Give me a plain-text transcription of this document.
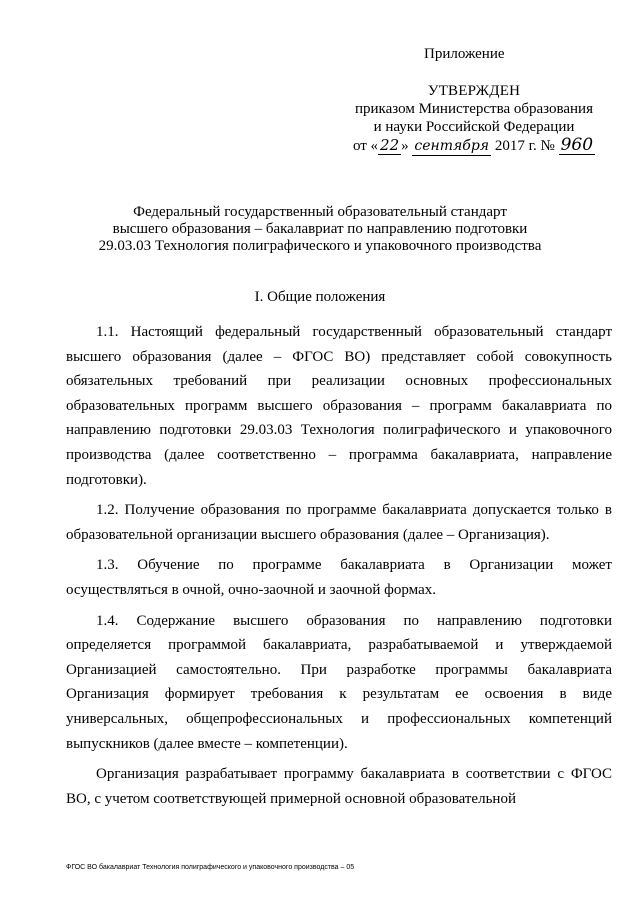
Приложение
УТВЕРЖДЕН
приказом Министерства образования
и науки Российской Федерации
от « 22 » сентября 2017 г. № 960
Федеральный государственный образовательный стандарт
высшего образования – бакалавриат по направлению подготовки
29.03.03 Технология полиграфического и упаковочного производства
I. Общие положения

1.1. Настоящий федеральный государственный образовательный стандарт высшего образования (далее – ФГОС ВО) представляет собой совокупность обязательных требований при реализации основных профессиональных образовательных программ высшего образования – программ бакалавриата по направлению подготовки 29.03.03 Технология полиграфического и упаковочного производства (далее соответственно – программа бакалавриата, направление подготовки).

1.2. Получение образования по программе бакалавриата допускается только в образовательной организации высшего образования (далее – Организация).

1.3. Обучение по программе бакалавриата в Организации может осуществляться в очной, очно-заочной и заочной формах.

1.4. Содержание высшего образования по направлению подготовки определяется программой бакалавриата, разрабатываемой и утверждаемой Организацией самостоятельно. При разработке программы бакалавриата Организация формирует требования к результатам ее освоения в виде универсальных, общепрофессиональных и профессиональных компетенций выпускников (далее вместе – компетенции).

Организация разрабатывает программу бакалавриата в соответствии с ФГОС ВО, с учетом соответствующей примерной основной образовательной

ФГОС ВО бакалавриат Технология полиграфического и упаковочного производства – 05
